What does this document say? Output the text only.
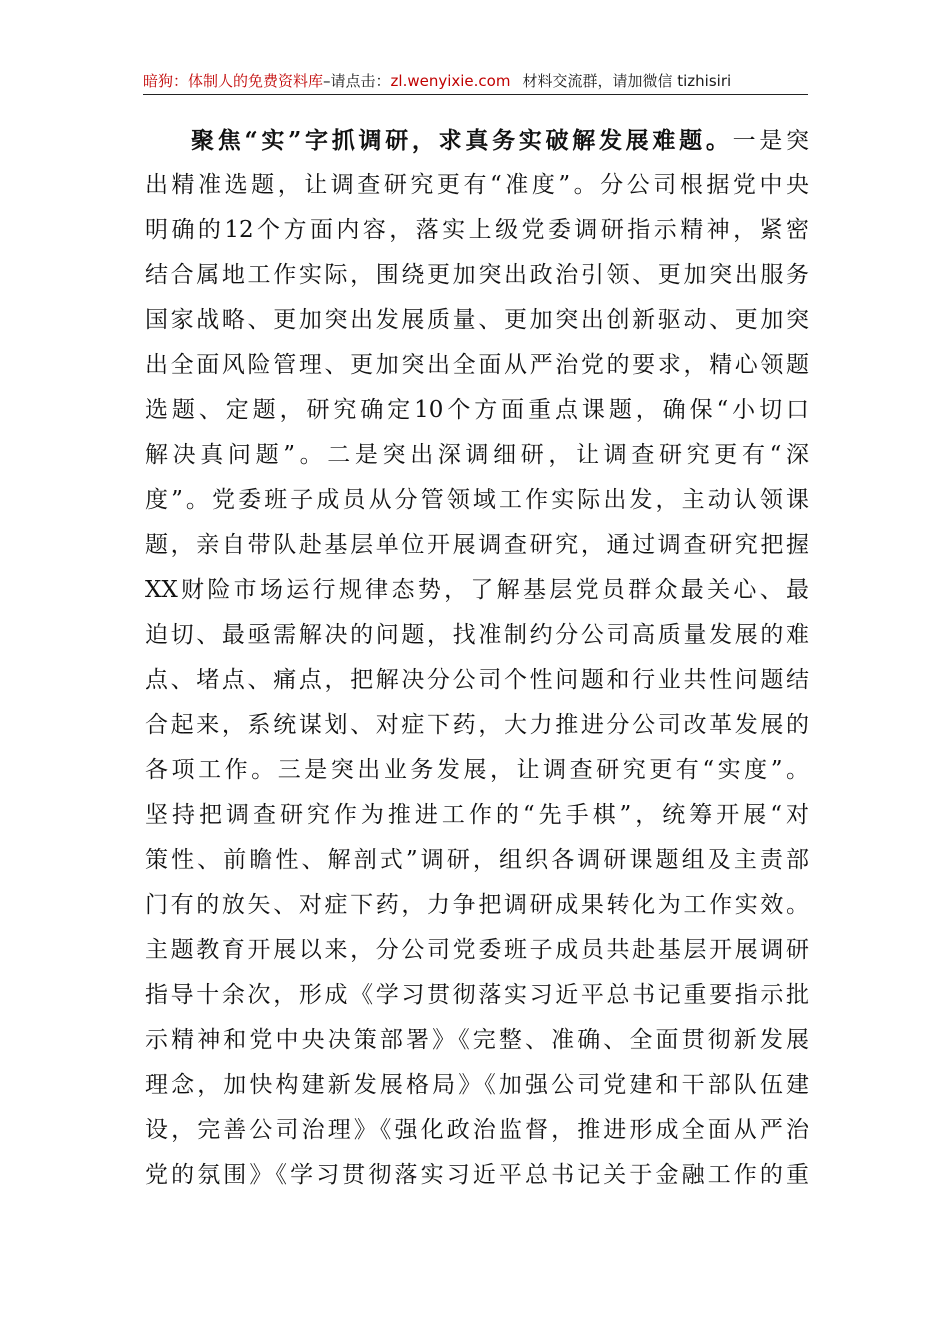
暗狗：体制人的免费资料库–请点击：zl.wenyixie.com 材料交流群，请加微信 tizhisiri
聚焦“实”字抓调研，求真务实破解发展难题。一是突
出精准选题，让调查研究更有“准度”。分公司根据党中央
明确的12个方面内容，落实上级党委调研指示精神，紧密
结合属地工作实际，围绕更加突出政治引领、更加突出服务
国家战略、更加突出发展质量、更加突出创新驱动、更加突
出全面风险管理、更加突出全面从严治党的要求，精心领题
选题、定题，研究确定10个方面重点课题，确保“小切口
解决真问题”。二是突出深调细研，让调查研究更有“深
度”。党委班子成员从分管领域工作实际出发，主动认领课
题，亲自带队赴基层单位开展调查研究，通过调查研究把握
XX财险市场运行规律态势，了解基层党员群众最关心、最
迫切、最亟需解决的问题，找准制约分公司高质量发展的难
点、堵点、痛点，把解决分公司个性问题和行业共性问题结
合起来，系统谋划、对症下药，大力推进分公司改革发展的
各项工作。三是突出业务发展，让调查研究更有“实度”。
坚持把调查研究作为推进工作的“先手棋”，统筹开展“对
策性、前瞻性、解剖式”调研，组织各调研课题组及主责部
门有的放矢、对症下药，力争把调研成果转化为工作实效。
主题教育开展以来，分公司党委班子成员共赴基层开展调研
指导十余次，形成《学习贯彻落实习近平总书记重要指示批
示精神和党中央决策部署》《完整、准确、全面贯彻新发展
理念，加快构建新发展格局》《加强公司党建和干部队伍建
设，完善公司治理》《强化政治监督，推进形成全面从严治
党的氛围》《学习贯彻落实习近平总书记关于金融工作的重
